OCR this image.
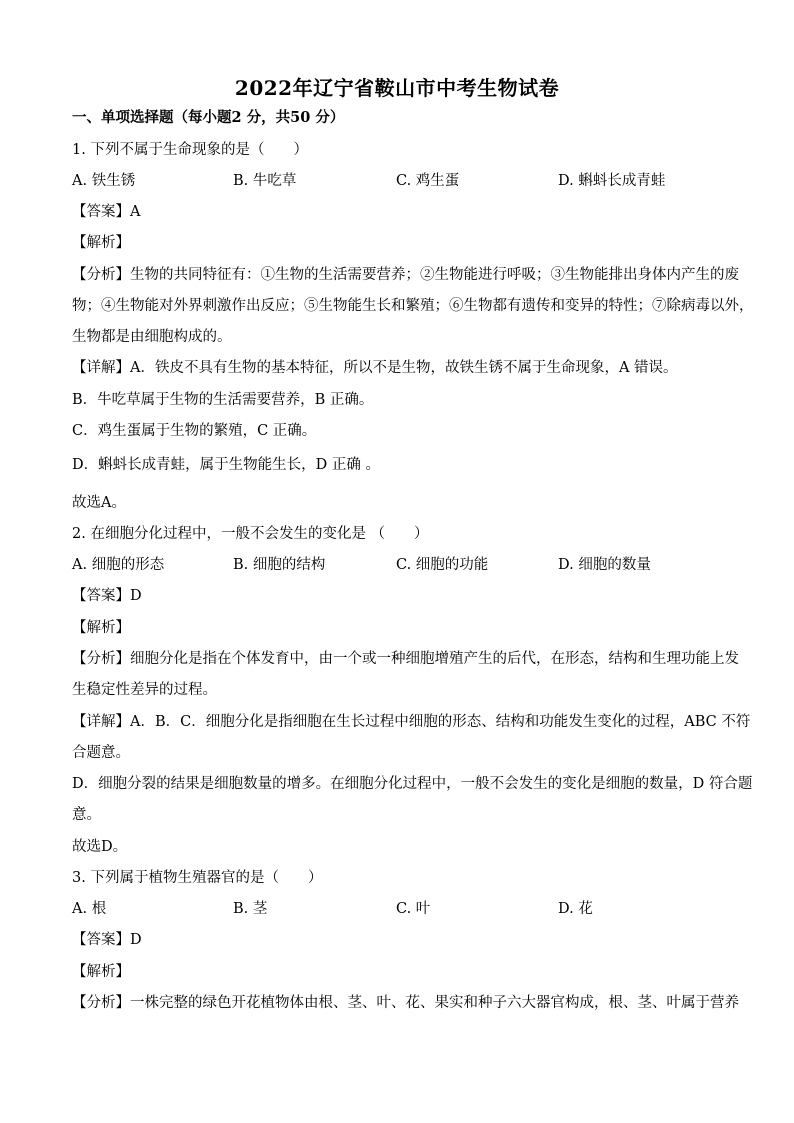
2022年辽宁省鞍山市中考生物试卷
一、单项选择题（每小题2 分，共50 分）
1. 下列不属于生命现象的是（　　）
A. 铁生锈	B. 牛吃草	C. 鸡生蛋	D. 蝌蚪长成青蛙
【答案】A
【解析】
【分析】生物的共同特征有：①生物的生活需要营养；②生物能进行呼吸；③生物能排出身体内产生的废
物；④生物能对外界刺激作出反应；⑤生物能生长和繁殖；⑥生物都有遗传和变异的特性；⑦除病毒以外，
生物都是由细胞构成的。
【详解】A．铁皮不具有生物的基本特征，所以不是生物，故铁生锈不属于生命现象，A 错误。
B．牛吃草属于生物的生活需要营养，B 正确。
C．鸡生蛋属于生物的繁殖，C 正确。
D．蝌蚪长成青蛙，属于生物能生长，D 正确 。
故选A。
2. 在细胞分化过程中，一般不会发生的变化是 （　　）
A. 细胞的形态	B. 细胞的结构	C. 细胞的功能	D. 细胞的数量
【答案】D
【解析】
【分析】细胞分化是指在个体发育中，由一个或一种细胞增殖产生的后代，在形态，结构和生理功能上发
生稳定性差异的过程。
【详解】A．B．C．细胞分化是指细胞在生长过程中细胞的形态、结构和功能发生变化的过程，ABC 不符
合题意。
D．细胞分裂的结果是细胞数量的增多。在细胞分化过程中，一般不会发生的变化是细胞的数量，D 符合题
意。
故选D。
3. 下列属于植物生殖器官的是（　　）
A. 根	B. 茎	C. 叶	D. 花
【答案】D
【解析】
【分析】一株完整的绿色开花植物体由根、茎、叶、花、果实和种子六大器官构成，根、茎、叶属于营养
